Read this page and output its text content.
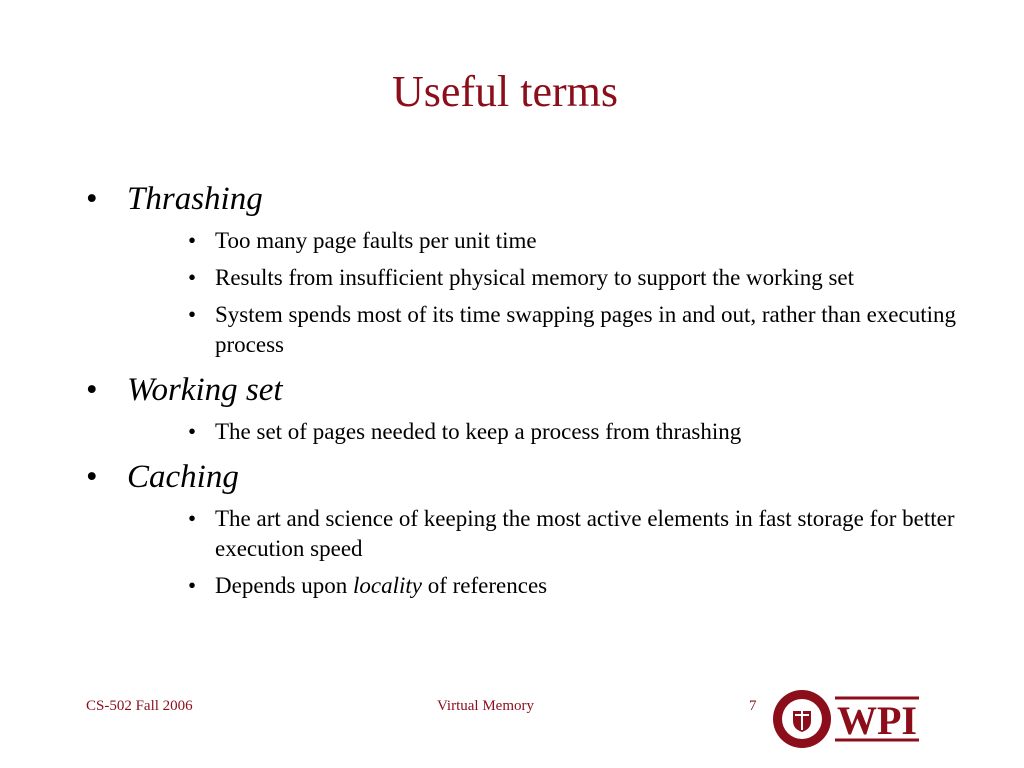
Useful terms
• Thrashing
• Too many page faults per unit time
• Results from insufficient physical memory to support the working set
• System spends most of its time swapping pages in and out, rather than executing process
• Working set
• The set of pages needed to keep a process from thrashing
• Caching
• The art and science of keeping the most active elements in fast storage for better execution speed
• Depends upon locality of references
CS-502 Fall 2006	Virtual Memory	7 WPI
